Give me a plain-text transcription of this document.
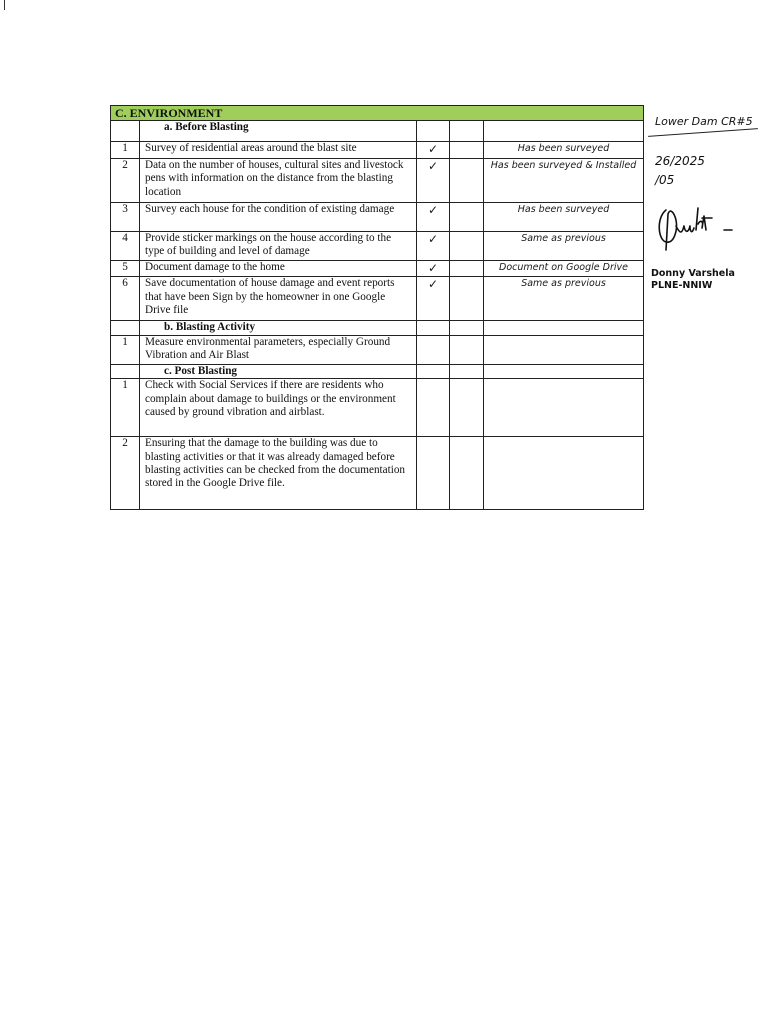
C. ENVIRONMENT				
	a. Before Blasting			
1	Survey of residential areas around the blast site	✓		Has been surveyed
2	Data on the number of houses, cultural sites and livestock pens with information on the distance from the blasting location	✓		Has been surveyed & Installed
3	Survey each house for the condition of existing damage	✓		Has been surveyed
4	Provide sticker markings on the house according to the type of building and level of damage	✓		Same as previous
5	Document damage to the home	✓		Document on Google Drive
6	Save documentation of house damage and event reports that have been Sign by the homeowner in one Google Drive file	✓		Same as previous
	b. Blasting Activity			
1	Measure environmental parameters, especially Ground Vibration and Air Blast			
	c. Post Blasting			
1	Check with Social Services if there are residents who complain about damage to buildings or the environment caused by ground vibration and airblast.			
2	Ensuring that the damage to the building was due to blasting activities or that it was already damaged before blasting activities can be checked from the documentation stored in the Google Drive file.			
Lower Dam CR#5
26/2025
/05
Donny Varshela
PLNE-NNIW
